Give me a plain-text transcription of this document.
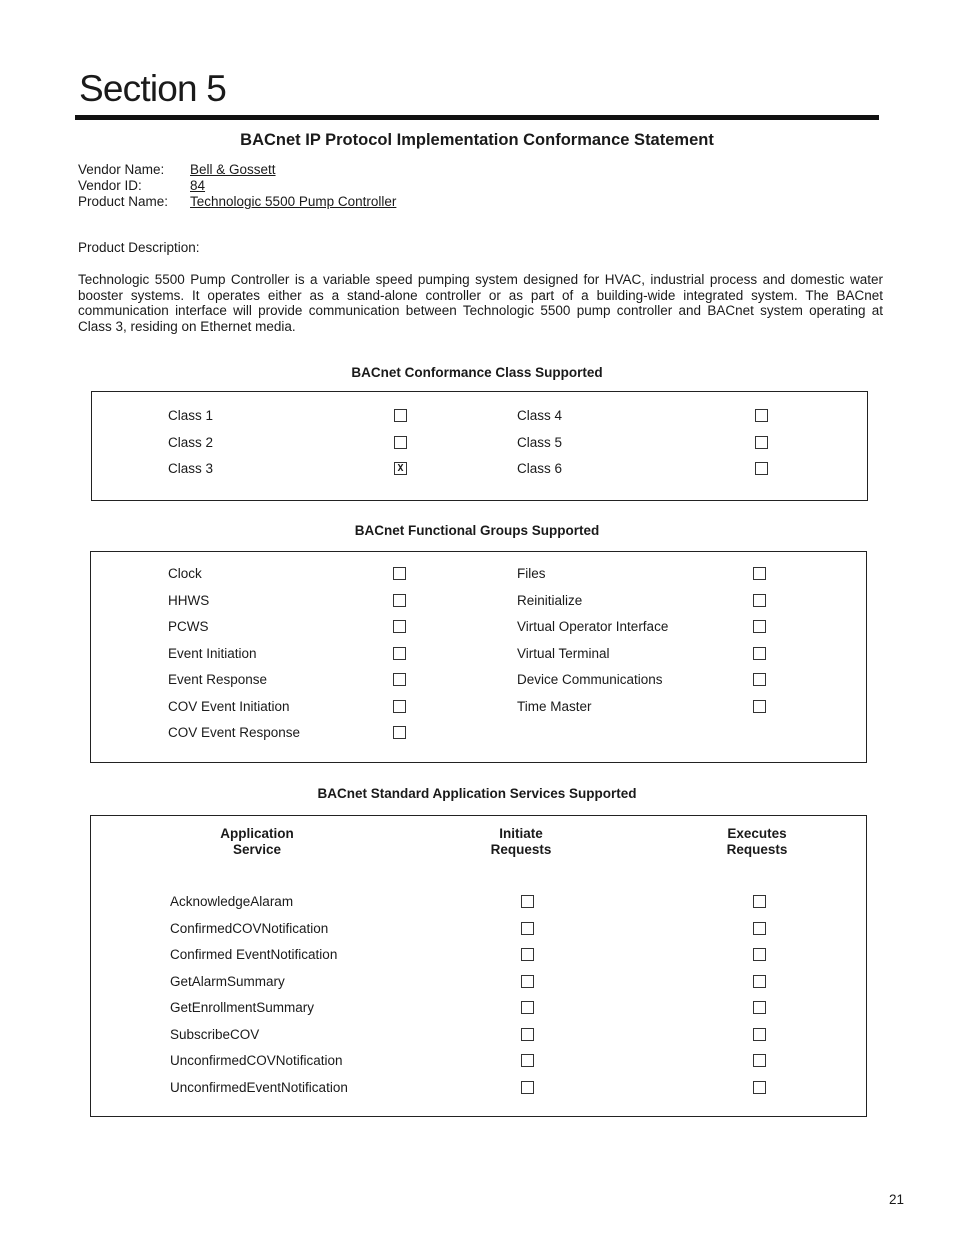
Section 5
BACnet IP Protocol Implementation Conformance Statement
Vendor Name: Bell & Gossett
Vendor ID:	84
Product Name: Technologic 5500 Pump Controller
Product Description:
Technologic 5500 Pump Controller is a variable speed pumping system designed for HVAC, industrial process and domestic water booster systems. It operates either as a stand-alone controller or as part of a building-wide integrated system. The BACnet communication interface will provide communication between Technologic 5500 pump controller and BACnet system operating at Class 3, residing on Ethernet media.
BACnet Conformance Class Supported
Class 1
Class 2
Class 3	X
Class 4
Class 5
Class 6
BACnet Functional Groups Supported
Clock
HHWS
PCWS
Event Initiation
Event Response
COV Event Initiation
COV Event Response
Files
Reinitialize
Virtual Operator Interface
Virtual Terminal
Device Communications
Time Master
BACnet Standard Application Services Supported
Application
Service
Initiate
Requests
Executes
Requests
AcknowledgeAlaram
ConfirmedCOVNotification
Confirmed EventNotification
GetAlarmSummary
GetEnrollmentSummary
SubscribeCOV
UnconfirmedCOVNotification
UnconfirmedEventNotification
21
